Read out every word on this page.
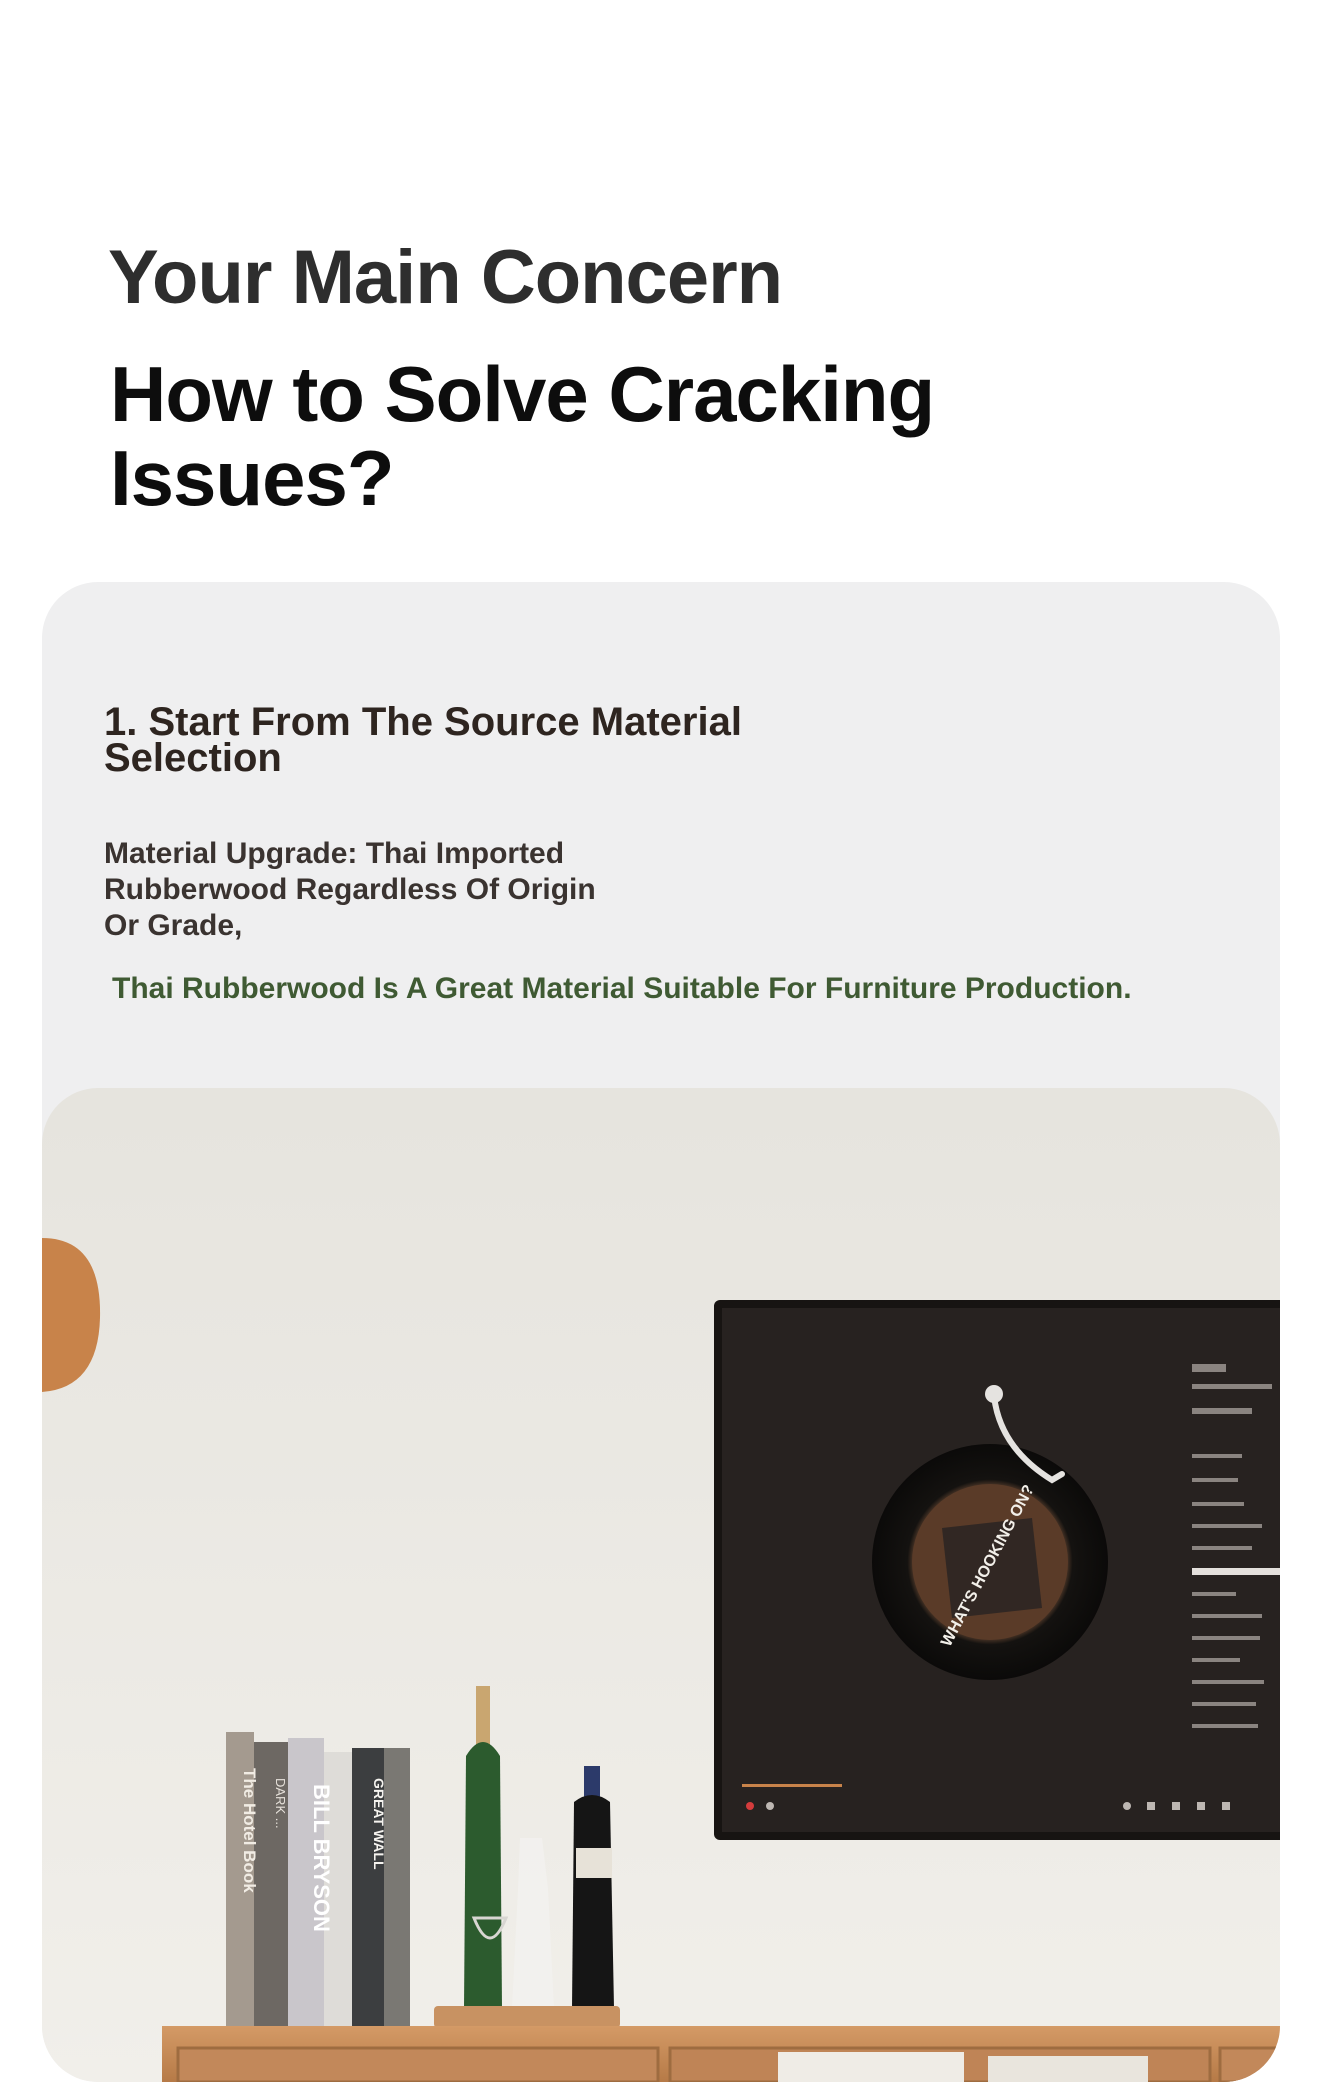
Your Main Concern
How to Solve Cracking
Issues?
1. Start From The Source Material
Selection

Material Upgrade: Thai Imported
Rubberwood Regardless Of Origin
Or Grade,

Thai Rubberwood Is A Great Material Suitable For Furniture Production.

WHAT'S HOOKING ON?
The Hotel Book DARK ... BILL BRYSON	GREAT WALL
